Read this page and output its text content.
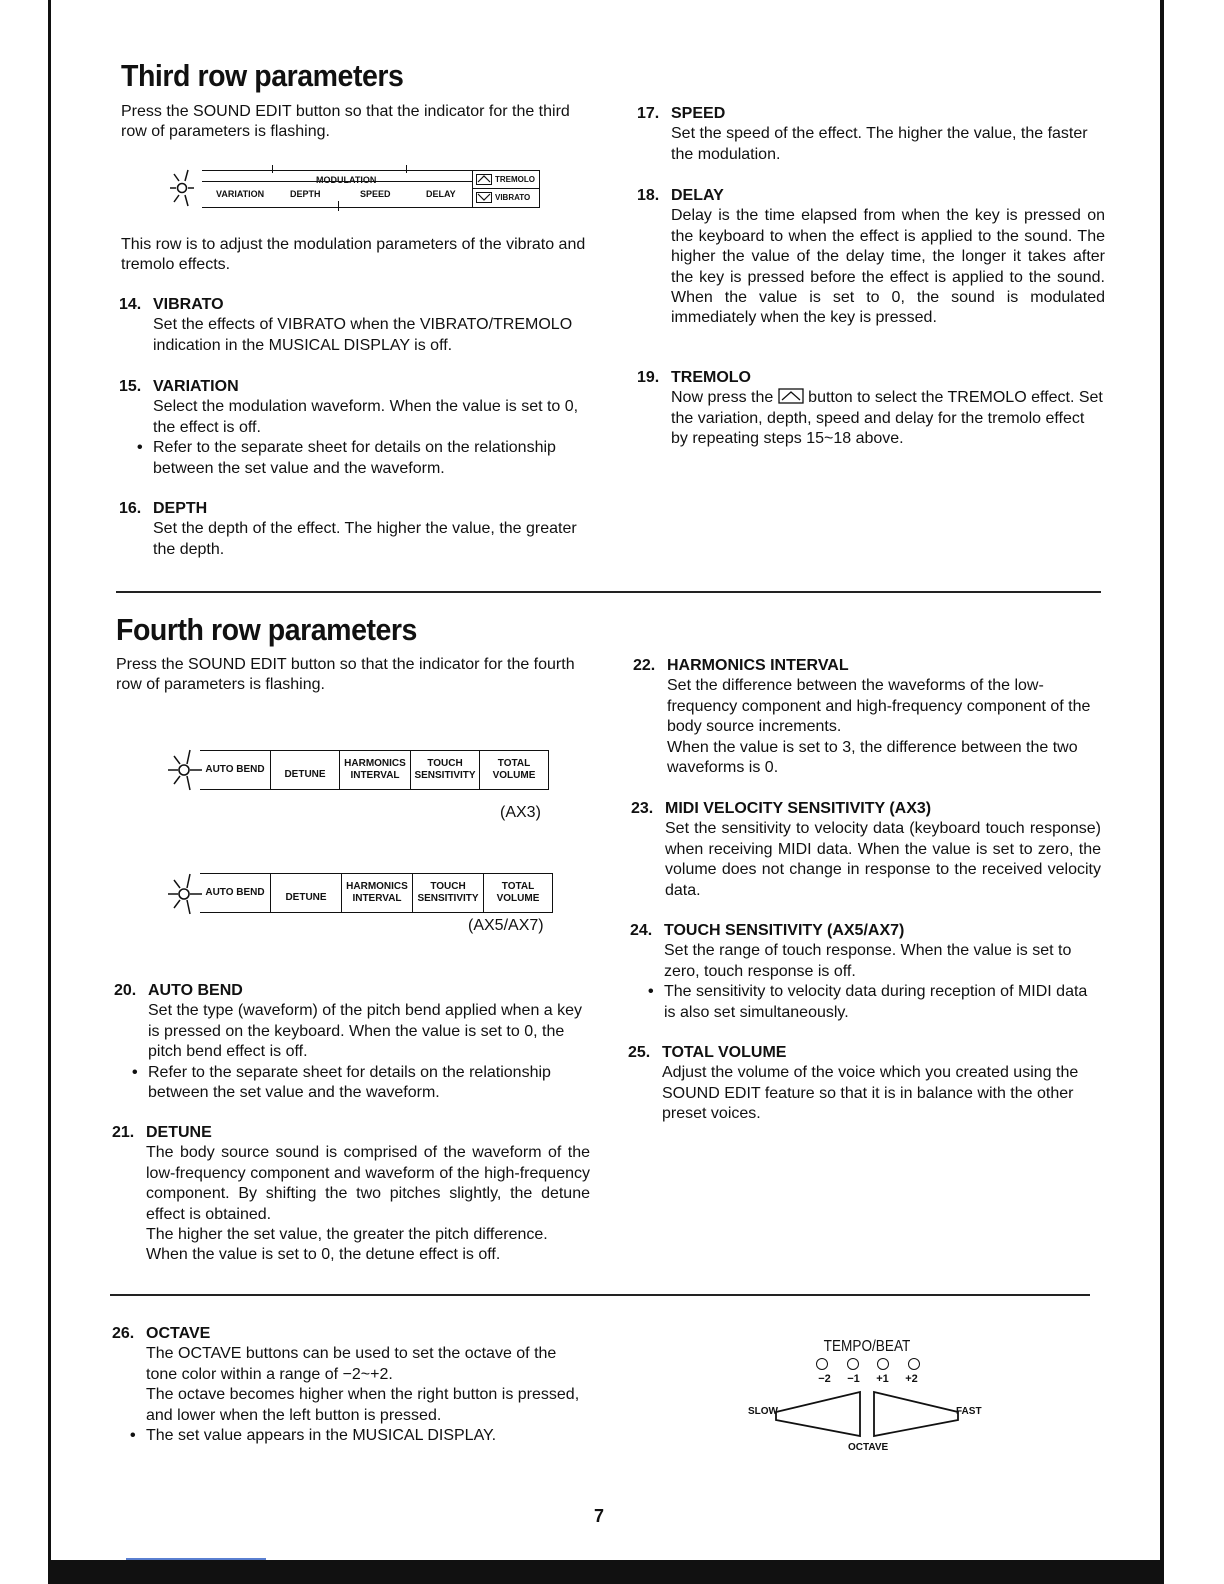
Third row parameters

Press the SOUND EDIT button so that the indicator for the third row of parameters is flashing.

MODULATION
VARIATION	DEPTH	SPEED	DELAY
TREMOLO
VIBRATO

This row is to adjust the modulation parameters of the vibrato and tremolo effects.

14. VIBRATO
Set the effects of VIBRATO when the VIBRATO/TREMOLO indication in the MUSICAL DISPLAY is off.
15. VARIATION
Select the modulation waveform. When the value is set to 0, the effect is off.
• Refer to the separate sheet for details on the relationship between the set value and the waveform.
16. DEPTH
Set the depth of the effect. The higher the value, the greater the depth.
17. SPEED
Set the speed of the effect. The higher the value, the faster the modulation.
18. DELAY
Delay is the time elapsed from when the key is pressed on the keyboard to when the effect is applied to the sound. The higher the value of the delay time, the longer it takes after the key is pressed before the effect is applied to the sound. When the value is set to 0, the sound is modulated immediately when the key is pressed.
19. TREMOLO
Now press the button to select the TREMOLO effect. Set the variation, depth, speed and delay for the tremolo effect by repeating steps 15~18 above.
Fourth row parameters

Press the SOUND EDIT button so that the indicator for the fourth row of parameters is flashing.

AUTO BEND	DETUNE
HARMONICS INTERVAL
TOUCH SENSITIVITY
TOTAL VOLUME
(AX3)
AUTO BEND	DETUNE
HARMONICS INTERVAL
TOUCH SENSITIVITY
TOTAL VOLUME
(AX5/AX7)
20. AUTO BEND
Set the type (waveform) of the pitch bend applied when a key is pressed on the keyboard. When the value is set to 0, the pitch bend effect is off.
• Refer to the separate sheet for details on the relationship between the set value and the waveform.
21. DETUNE
The body source sound is comprised of the waveform of the low-frequency component and waveform of the high-frequency component. By shifting the two pitches slightly, the detune effect is obtained.
The higher the set value, the greater the pitch difference. When the value is set to 0, the detune effect is off.
22. HARMONICS INTERVAL
Set the difference between the waveforms of the low-frequency component and high-frequency component of the body source increments.
When the value is set to 3, the difference between the two waveforms is 0.
23. MIDI VELOCITY SENSITIVITY (AX3)
Set the sensitivity to velocity data (keyboard touch response) when receiving MIDI data. When the value is set to zero, the volume does not change in response to the received velocity data.
24. TOUCH SENSITIVITY (AX5/AX7)
Set the range of touch response. When the value is set to zero, touch response is off.
• The sensitivity to velocity data during reception of MIDI data is also set simultaneously.
25. TOTAL VOLUME
Adjust the volume of the voice which you created using the SOUND EDIT feature so that it is in balance with the other preset voices.
26. OCTAVE
The OCTAVE buttons can be used to set the octave of the tone color within a range of −2~+2.
The octave becomes higher when the right button is pressed, and lower when the left button is pressed.
• The set value appears in the MUSICAL DISPLAY.
TEMPO/BEAT
−2	−1	+1	+2
SLOW	FAST
OCTAVE
7
